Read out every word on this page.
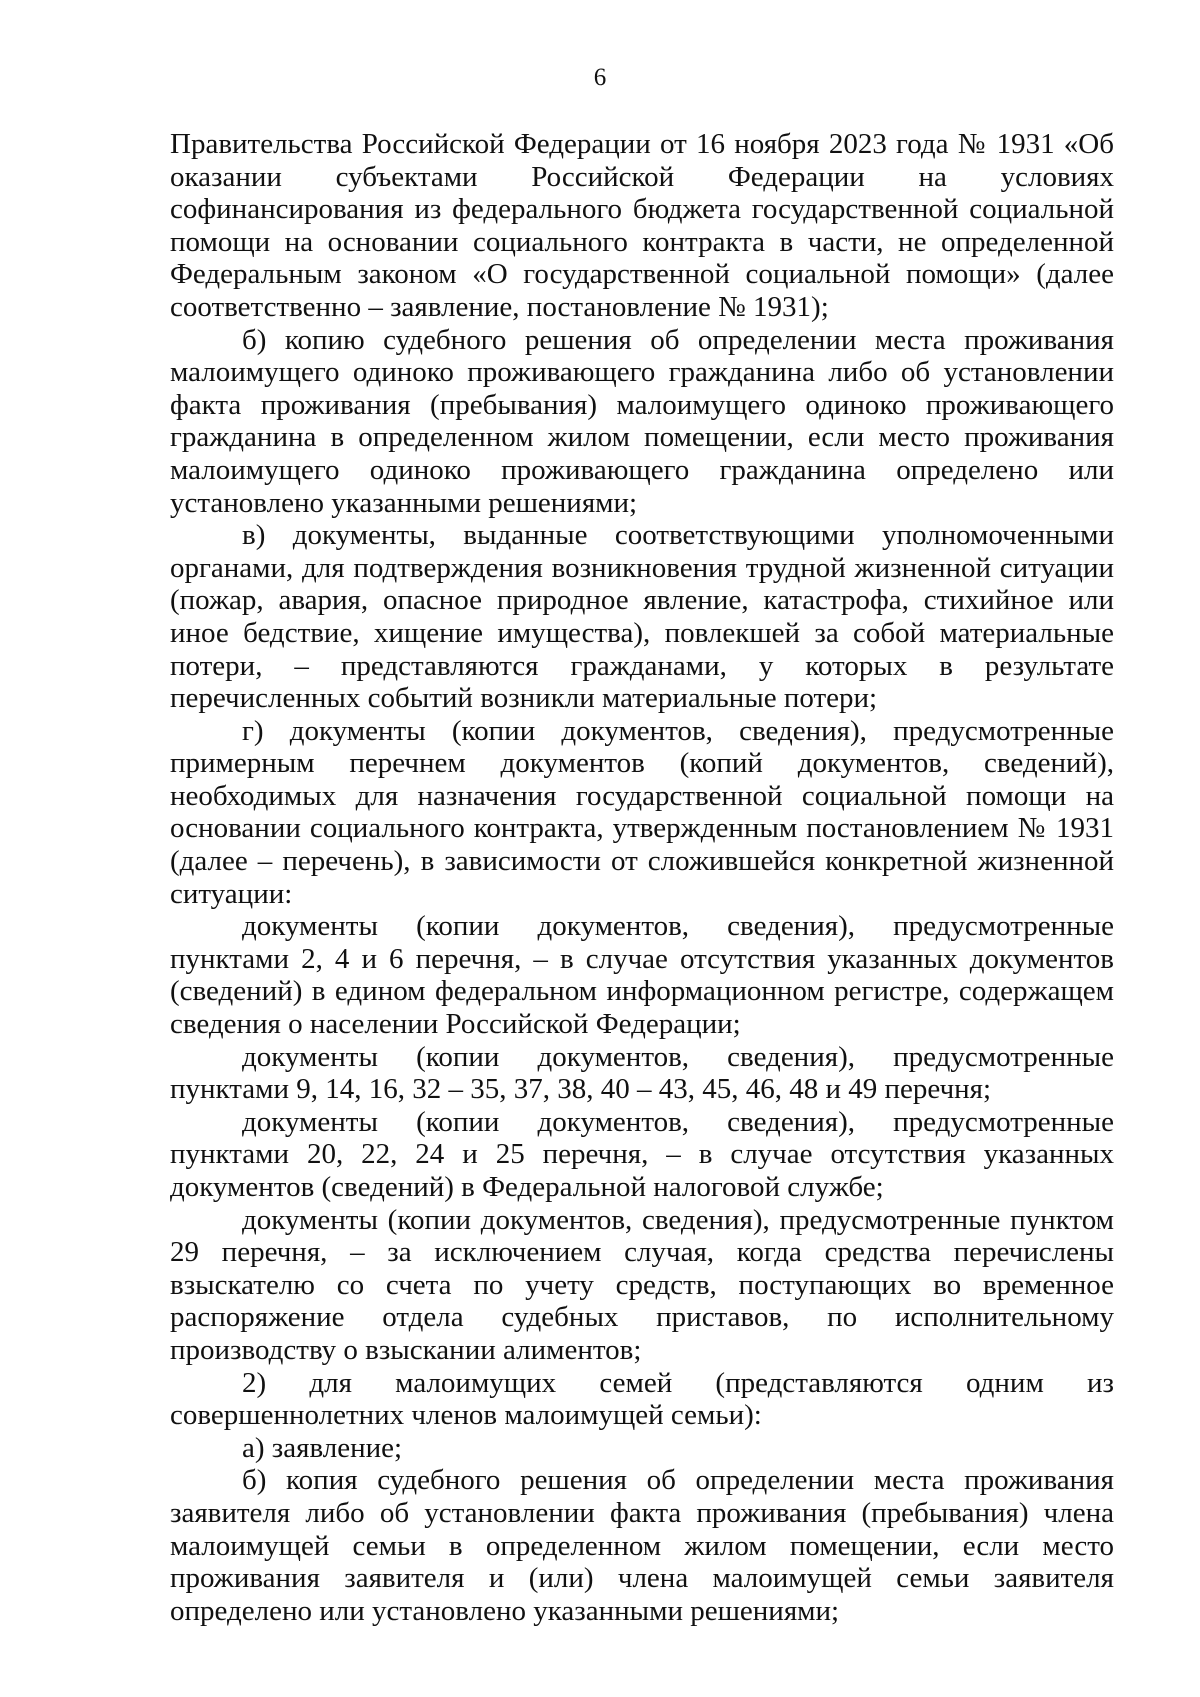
6

Правительства Российской Федерации от 16 ноября 2023 года № 1931 «Об оказании субъектами Российской Федерации на условиях софинансирования из федерального бюджета государственной социальной помощи на основании социального контракта в части, не определенной Федеральным законом «О государственной социальной помощи» (далее соответственно – заявление, постановление № 1931);

б) копию судебного решения об определении места проживания малоимущего одиноко проживающего гражданина либо об установлении факта проживания (пребывания) малоимущего одиноко проживающего гражданина в определенном жилом помещении, если место проживания малоимущего одиноко проживающего гражданина определено или установлено указанными решениями;

в) документы, выданные соответствующими уполномоченными органами, для подтверждения возникновения трудной жизненной ситуации (пожар, авария, опасное природное явление, катастрофа, стихийное или иное бедствие, хищение имущества), повлекшей за собой материальные потери, – представляются гражданами, у которых в результате перечисленных событий возникли материальные потери;

г) документы (копии документов, сведения), предусмотренные примерным перечнем документов (копий документов, сведений), необходимых для назначения государственной социальной помощи на основании социального контракта, утвержденным постановлением № 1931 (далее – перечень), в зависимости от сложившейся конкретной жизненной ситуации:

документы (копии документов, сведения), предусмотренные пунктами 2, 4 и 6 перечня, – в случае отсутствия указанных документов (сведений) в едином федеральном информационном регистре, содержащем сведения о населении Российской Федерации;

документы (копии документов, сведения), предусмотренные пунктами 9, 14, 16, 32 – 35, 37, 38, 40 – 43, 45, 46, 48 и 49 перечня;

документы (копии документов, сведения), предусмотренные пунктами 20, 22, 24 и 25 перечня, – в случае отсутствия указанных документов (сведений) в Федеральной налоговой службе;

документы (копии документов, сведения), предусмотренные пунктом 29 перечня, – за исключением случая, когда средства перечислены взыскателю со счета по учету средств, поступающих во временное распоряжение отдела судебных приставов, по исполнительному производству о взыскании алиментов;

2) для малоимущих семей (представляются одним из совершеннолетних членов малоимущей семьи):

а) заявление;

б) копия судебного решения об определении места проживания заявителя либо об установлении факта проживания (пребывания) члена малоимущей семьи в определенном жилом помещении, если место проживания заявителя и (или) члена малоимущей семьи заявителя определено или установлено указанными решениями;
